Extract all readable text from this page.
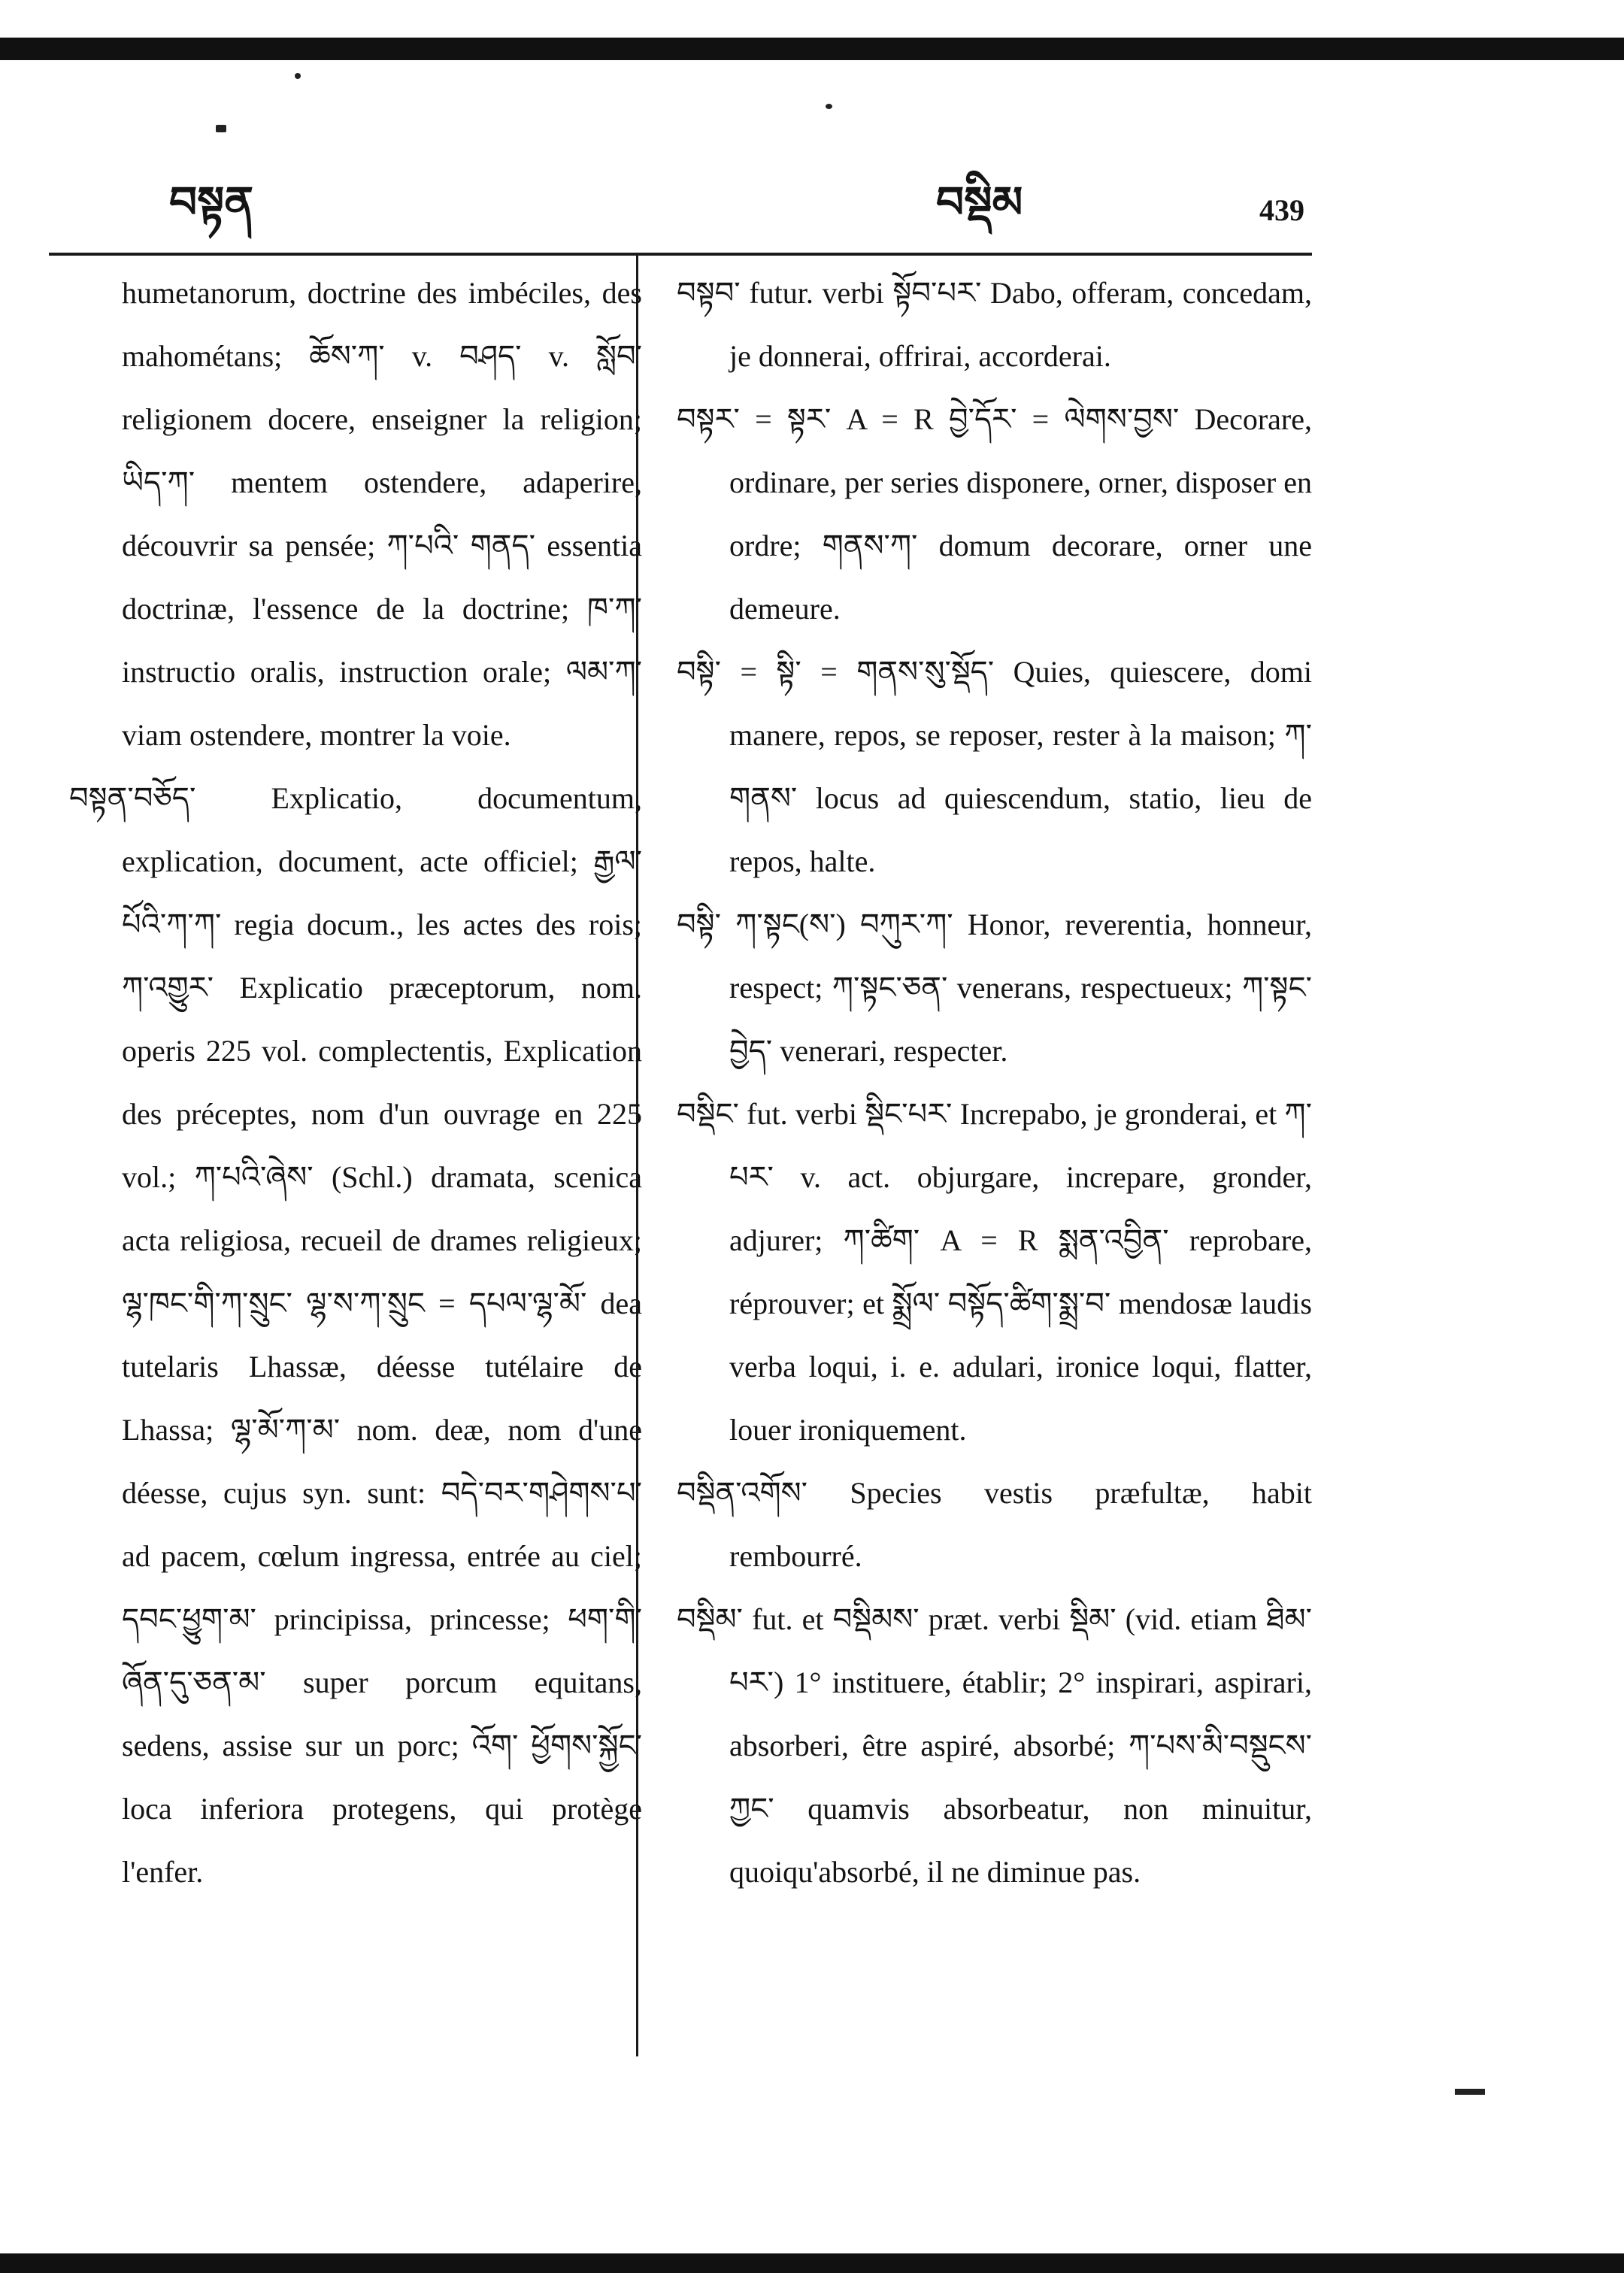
བསྟན	བསྡིམ	439

humetanorum, doctrine des imbéciles, des mahométans; ཆོས་ཀ་ v. བཤད་ v. སློབ་ religionem docere, enseigner la religion; ཡིད་ཀ་ mentem ostendere, adaperire, découvrir sa pensée; ཀ་པའི་ གནད་ essentia doctrinæ, l'essence de la doctrine; ཁ་ཀ་ instructio oralis, instruction orale; ལམ་ཀ་ viam ostendere, montrer la voie.

བསྟན་བཅོད་ Explicatio, documentum, explication, document, acte officiel; རྒྱལ་པོའི་ཀ་ཀ་ regia docum., les actes des rois; ཀ་འགྱུར་ Explicatio præceptorum, nom. operis 225 vol. complectentis, Explication des préceptes, nom d'un ouvrage en 225 vol.; ཀ་པའི་ཞེས་ (Schl.) dramata, scenica acta religiosa, recueil de drames religieux; ལྷ་ཁང་གི་ཀ་སྲུང་ ལྷ་ས་ཀ་སྲུང = དཔལ་ལྷ་མོ་ dea tutelaris Lhassæ, déesse tutélaire de Lhassa; ལྷ་མོ་ཀ་མ་ nom. deæ, nom d'une déesse, cujus syn. sunt: བདེ་བར་གཤེགས་པ་ ad pacem, cœlum ingressa, entrée au ciel; དབང་ཕྱུག་མ་ principissa, princesse; ཕག་གི་ཞོན་དུ་ཅན་མ་ super porcum equitans, sedens, assise sur un porc; འོག་ ཕྱོགས་སྐྱོང་ loca inferiora protegens, qui protège l'enfer.

བསྟབ་ futur. verbi སྟོབ་པར་ Dabo, offeram, concedam, je donnerai, offrirai, accorderai.

བསྟར་ = སྟར་ A = R བྱེ་དོར་ = ལེགས་བྱས་ Decorare, ordinare, per series disponere, orner, disposer en ordre; གནས་ཀ་ domum decorare, orner une demeure.

བསྟི་ = སྟི་ = གནས་སུ་སྡོད་ Quies, quiescere, domi manere, repos, se reposer, rester à la maison; ཀ་གནས་ locus ad quiescendum, statio, lieu de repos, halte.

བསྟི་ ཀ་སྟང(ས་) བཀུར་ཀ་ Honor, reverentia, honneur, respect; ཀ་སྟང་ཅན་ venerans, respectueux; ཀ་སྟང་བྱེད་ venerari, respecter.

བསྡིང་ fut. verbi སྡིང་པར་ Increpabo, je gronderai, et ཀ་པར་ v. act. objurgare, increpare, gronder, adjurer; ཀ་ཚིག་ A = R སྨན་འབྱིན་ reprobare, réprouver; et སྨྲོལ་ བསྟོད་ཚིག་སྨྲ་བ་ mendosæ laudis verba loqui, i. e. adulari, ironice loqui, flatter, louer ironiquement.

བསྡིན་འགོས་ Species vestis præfultæ, habit rembourré.

བསྡིམ་ fut. et བསྡིམས་ præt. verbi སྡིམ་ (vid. etiam ཐིམ་པར་) 1° instituere, établir; 2° inspirari, aspirari, absorberi, être aspiré, absorbé; ཀ་པས་མི་བསྡུངས་ཀྱང་ quamvis absorbeatur, non minuitur, quoiqu'absorbé, il ne diminue pas.
